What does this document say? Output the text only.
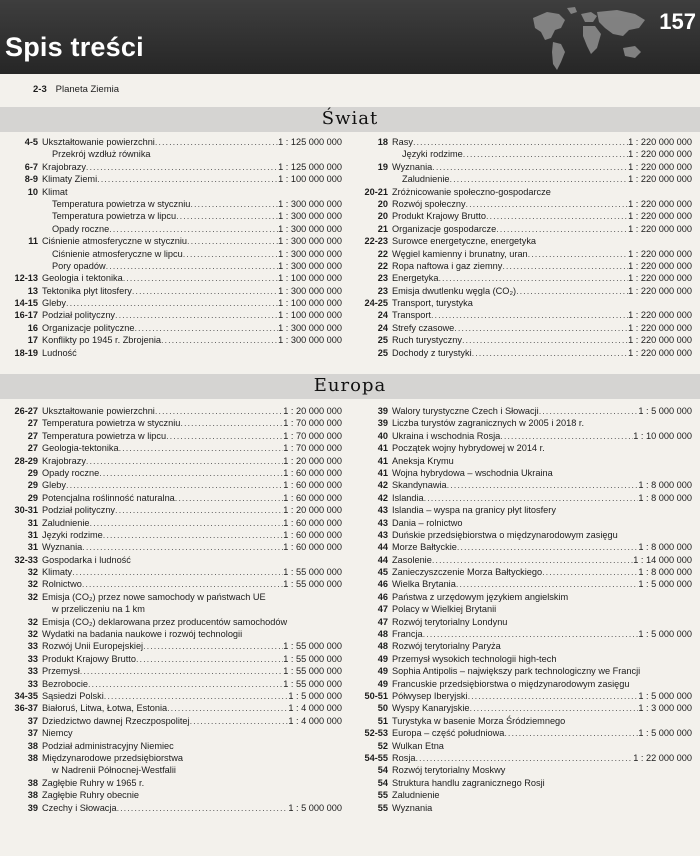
Spis treści
157
2-3 Planeta Ziemia
Świat
4-5 Ukształtowanie powierzchni .....	1 : 125 000 000
Przekrój wzdłuż równika
6-7 Krajobrazy .....	1 : 125 000 000
8-9 Klimaty Ziemi .....	1 : 100 000 000
10 Klimat
Temperatura powietrza w styczniu .....	1 : 300 000 000
Temperatura powietrza w lipcu .....	1 : 300 000 000
Opady roczne .....	1 : 300 000 000
11 Ciśnienie atmosferyczne w styczniu .....	1 : 300 000 000
Ciśnienie atmosferyczne w lipcu .....	1 : 300 000 000
Pory opadów .....	1 : 300 000 000
12-13 Geologia i tektonika .....	1 : 100 000 000
13 Tektonika płyt litosfery .....	1 : 300 000 000
14-15 Gleby .....	1 : 100 000 000
16-17 Podział polityczny .....	1 : 100 000 000
16 Organizacje polityczne .....	1 : 300 000 000
17 Konflikty po 1945 r. Zbrojenia .....	1 : 300 000 000
18-19 Ludność
18 Rasy .....	1 : 220 000 000
Języki rodzime .....	1 : 220 000 000
19 Wyznania .....	1 : 220 000 000
Zaludnienie .....	1 : 220 000 000
20-21 Zróżnicowanie społeczno-gospodarcze
20 Rozwój społeczny .....	1 : 220 000 000
20 Produkt Krajowy Brutto .....	1 : 220 000 000
21 Organizacje gospodarcze .....	1 : 220 000 000
22-23 Surowce energetyczne, energetyka
22 Węgiel kamienny i brunatny, uran .....	1 : 220 000 000
22 Ropa naftowa i gaz ziemny .....	1 : 220 000 000
23 Energetyka .....	1 : 220 000 000
23 Emisja dwutlenku węgla (CO₂) .....	1 : 220 000 000
24-25 Transport, turystyka
24 Transport .....	1 : 220 000 000
24 Strefy czasowe .....	1 : 220 000 000
25 Ruch turystyczny .....	1 : 220 000 000
25 Dochody z turystyki .....	1 : 220 000 000
Europa
26-27 Ukształtowanie powierzchni .....	1 : 20 000 000
27 Temperatura powietrza w styczniu .....	1 : 70 000 000
27 Temperatura powietrza w lipcu .....	1 : 70 000 000
27 Geologia-tektonika .....	1 : 70 000 000
28-29 Krajobrazy .....	1 : 20 000 000
29 Opady roczne .....	1 : 60 000 000
29 Gleby .....	1 : 60 000 000
29 Potencjalna roślinność naturalna .....	1 : 60 000 000
30-31 Podział polityczny .....	1 : 20 000 000
31 Zaludnienie .....	1 : 60 000 000
31 Języki rodzime .....	1 : 60 000 000
31 Wyznania .....	1 : 60 000 000
32-33 Gospodarka i ludność
32 Klimaty .....	1 : 55 000 000
32 Rolnictwo .....	1 : 55 000 000
32 Emisja (CO₂) przez nowe samochody w państwach UE
w przeliczeniu na 1 km
32 Emisja (CO₂) deklarowana przez producentów samochodów
32 Wydatki na badania naukowe i rozwój technologii
33 Rozwój Unii Europejskiej .....	1 : 55 000 000
33 Produkt Krajowy Brutto .....	1 : 55 000 000
33 Przemysł .....	1 : 55 000 000
33 Bezrobocie .....	1 : 55 000 000
34-35 Sąsiedzi Polski .....	1 : 5 000 000
36-37 Białoruś, Litwa, Łotwa, Estonia .....	1 : 4 000 000
37 Dziedzictwo dawnej Rzeczpospolitej .....	1 : 4 000 000
37 Niemcy
38 Podział administracyjny Niemiec
38 Międzynarodowe przedsiębiorstwa
w Nadrenii Północnej-Westfalii
38 Zagłębie Ruhry w 1965 r.
38 Zagłębie Ruhry obecnie
39 Czechy i Słowacja .....	1 : 5 000 000
39 Walory turystyczne Czech i Słowacji .....	1 : 5 000 000
39 Liczba turystów zagranicznych w 2005 i 2018 r.
40 Ukraina i wschodnia Rosja .....	1 : 10 000 000
41 Początek wojny hybrydowej w 2014 r.
41 Aneksja Krymu
41 Wojna hybrydowa – wschodnia Ukraina
42 Skandynawia .....	1 : 8 000 000
42 Islandia .....	1 : 8 000 000
43 Islandia – wyspa na granicy płyt litosfery
43 Dania – rolnictwo
43 Duńskie przedsiębiorstwa o międzynarodowym zasięgu
44 Morze Bałtyckie .....	1 : 8 000 000
44 Zasolenie .....	1 : 14 000 000
45 Zanieczyszczenie Morza Bałtyckiego .....	1 : 8 000 000
46 Wielka Brytania .....	1 : 5 000 000
46 Państwa z urzędowym językiem angielskim
47 Polacy w Wielkiej Brytanii
47 Rozwój terytorialny Londynu
48 Francja .....	1 : 5 000 000
48 Rozwój terytorialny Paryża
49 Przemysł wysokich technologii high-tech
49 Sophia Antipolis – największy park technologiczny we Francji
49 Francuskie przedsiębiorstwa o międzynarodowym zasięgu
50-51 Półwysep Iberyjski .....	1 : 5 000 000
50 Wyspy Kanaryjskie .....	1 : 3 000 000
51 Turystyka w basenie Morza Śródziemnego
52-53 Europa – część południowa .....	1 : 5 000 000
52 Wulkan Etna
54-55 Rosja .....	1 : 22 000 000
54 Rozwój terytorialny Moskwy
54 Struktura handlu zagranicznego Rosji
55 Zaludnienie
55 Wyznania
